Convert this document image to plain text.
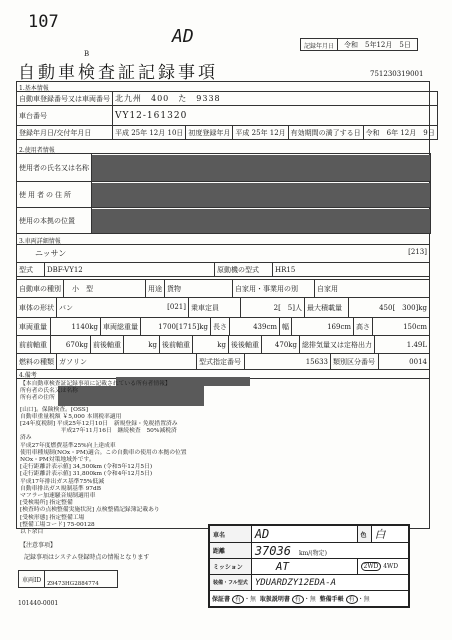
107
AD	記録年月日	令和　5年12月　5日
B
自動車検査証記録事項	751230319001
1.基本情報
自動車登録番号又は車両番号	北九州　400　た　9338				
車台番号	VY12-161320				
登録年月日/交付年月日	平成 25年 12月 10日	初度登録年月	平成 25年 12月	有効期間の満了する日	令和　6年 12月　9日
2.使用者情報
使用者の氏名又は名称	

使用者の住所	

使用の本拠の位置	
3.車両詳細情報
ニッサン	[213]

型式	DBF-VY12	原動機の型式	HR15
自動車の種別	小　型	用途	貨物	自家用・事業用の別	自家用
車体の形状	バン	[021]	乗車定員	2[　5]人	最大積載量	450[　300]kg
車両重量	1140kg	車両総重量	1700[1715]kg	長さ	439cm	幅	169cm	高さ	150cm
前前軸重	670kg	前後軸重	kg	後前軸重	kg	後後軸重	470kg	総排気量又は定格出力	1.49L
燃料の種類	ガソリン	型式指定番号	15633	類別区分番号	0014
4.備考
【本自動車検査証記録事項に記載されている所有者情報】
所有者の氏名又は名称
所有者の住所
[山口]。保険検査。[OSS]
自動車重量税額 ￥5,000 本則税率適用
[24年度税制] 平成25年12月10日　新規登録・免税措置済み
　　　　　　　平成27年11月16日　継続検査　50%減税済
済み
平成27年度燃費基準25%向上達成車
使用車種規制(NOx・PM)適合。この自動車の使用の本拠の位置
NOx・PM対策地域外です。
[走行距離計表示値] 34,500km (令和5年12月5日)
[走行距離計表示値] 31,800km (令和4年12月5日)
平成17年排出ガス基準75%低減
自動車排出ガス規制基準 97dB
マフラー加速騒音規制適用車
[受検場所] 指定整備
[検査時の点検整備実施状況] 点検整備記録簿記載あり
[受検形態] 指定整備工場
[整備工場コード] 75-00128
以下余白
【注意事項】
記録事項はシステム登録時点の情報となります
車両ID	Z9473HG2884774
101440-0001
車名	AD	色	白
距離	37036 km/(物定)		
ミッション	AT	2WD 4WD	
装備・フル型式	YDUARDZY12EDA-A		
保証書 有 ・無 取扱説明書 有 ・無 整備手帳 有 ・無			
